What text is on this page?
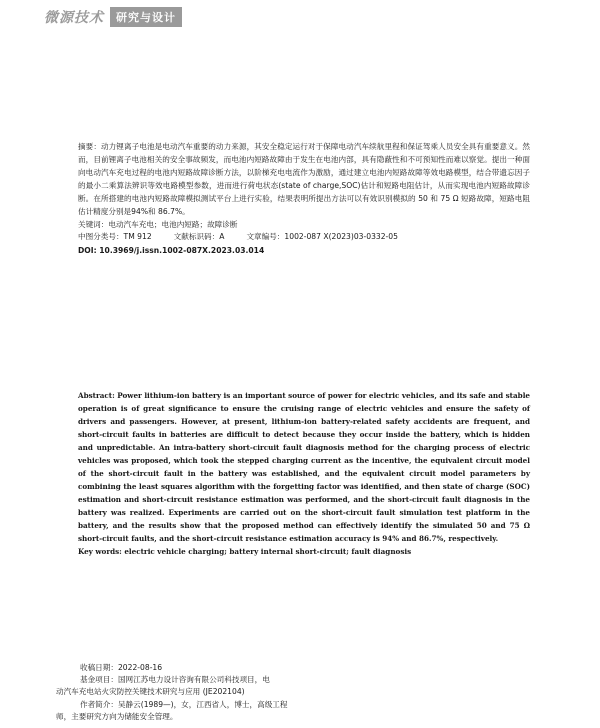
微源技术	研究与设计

摘要：动力锂离子电池是电动汽车重要的动力来源，其安全稳定运行对于保障电动汽车续航里程和保证驾乘人员安全具有重要意义。然而，目前锂离子电池相关的安全事故频发，而电池内短路故障由于发生在电池内部，具有隐蔽性和不可预知性而难以察觉。提出一种面向电动汽车充电过程的电池内短路故障诊断方法，以阶梯充电电流作为激励，通过建立电池内短路故障等效电路模型，结合带遗忘因子的最小二乘算法辨识等效电路模型参数，进而进行荷电状态(state of charge,SOC)估计和短路电阻估计，从而实现电池内短路故障诊断。在所搭建的电池内短路故障模拟测试平台上进行实验，结果表明所提出方法可以有效识别模拟的 50 和 75 Ω 短路故障，短路电阻估计精度分别是94%和 86.7%。

关键词：电动汽车充电；电池内短路；故障诊断

中图分类号：TM 912	文献标识码：A	文章编号：1002-087 X(2023)03-0332-05

DOI: 10.3969/j.issn.1002-087X.2023.03.014

Abstract: Power lithium-ion battery is an important source of power for electric vehicles, and its safe and stable operation is of great significance to ensure the cruising range of electric vehicles and ensure the safety of drivers and passengers. However, at present, lithium-ion battery-related safety accidents are frequent, and short-circuit faults in batteries are difficult to detect because they occur inside the battery, which is hidden and unpredictable. An intra-battery short-circuit fault diagnosis method for the charging process of electric vehicles was proposed, which took the stepped charging current as the incentive, the equivalent circuit model of the short-circuit fault in the battery was established, and the equivalent circuit model parameters by combining the least squares algorithm with the forgetting factor was identified, and then state of charge (SOC) estimation and short-circuit resistance estimation was performed, and the short-circuit fault diagnosis in the battery was realized. Experiments are carried out on the short-circuit fault simulation test platform in the battery, and the results show that the proposed method can effectively identify the simulated 50 and 75 Ω short-circuit faults, and the short-circuit resistance estimation accuracy is 94% and 86.7%, respectively.

Key words: electric vehicle charging; battery internal short-circuit; fault diagnosis

收稿日期：2022-08-16

基金项目：国网江苏电力设计咨询有限公司科技项目，电

动汽车充电站火灾防控关键技术研究与应用 (JE202104)

作者简介：吴静云(1989—)，女，江西省人，博士，高级工程

师，主要研究方向为储能安全管理。
